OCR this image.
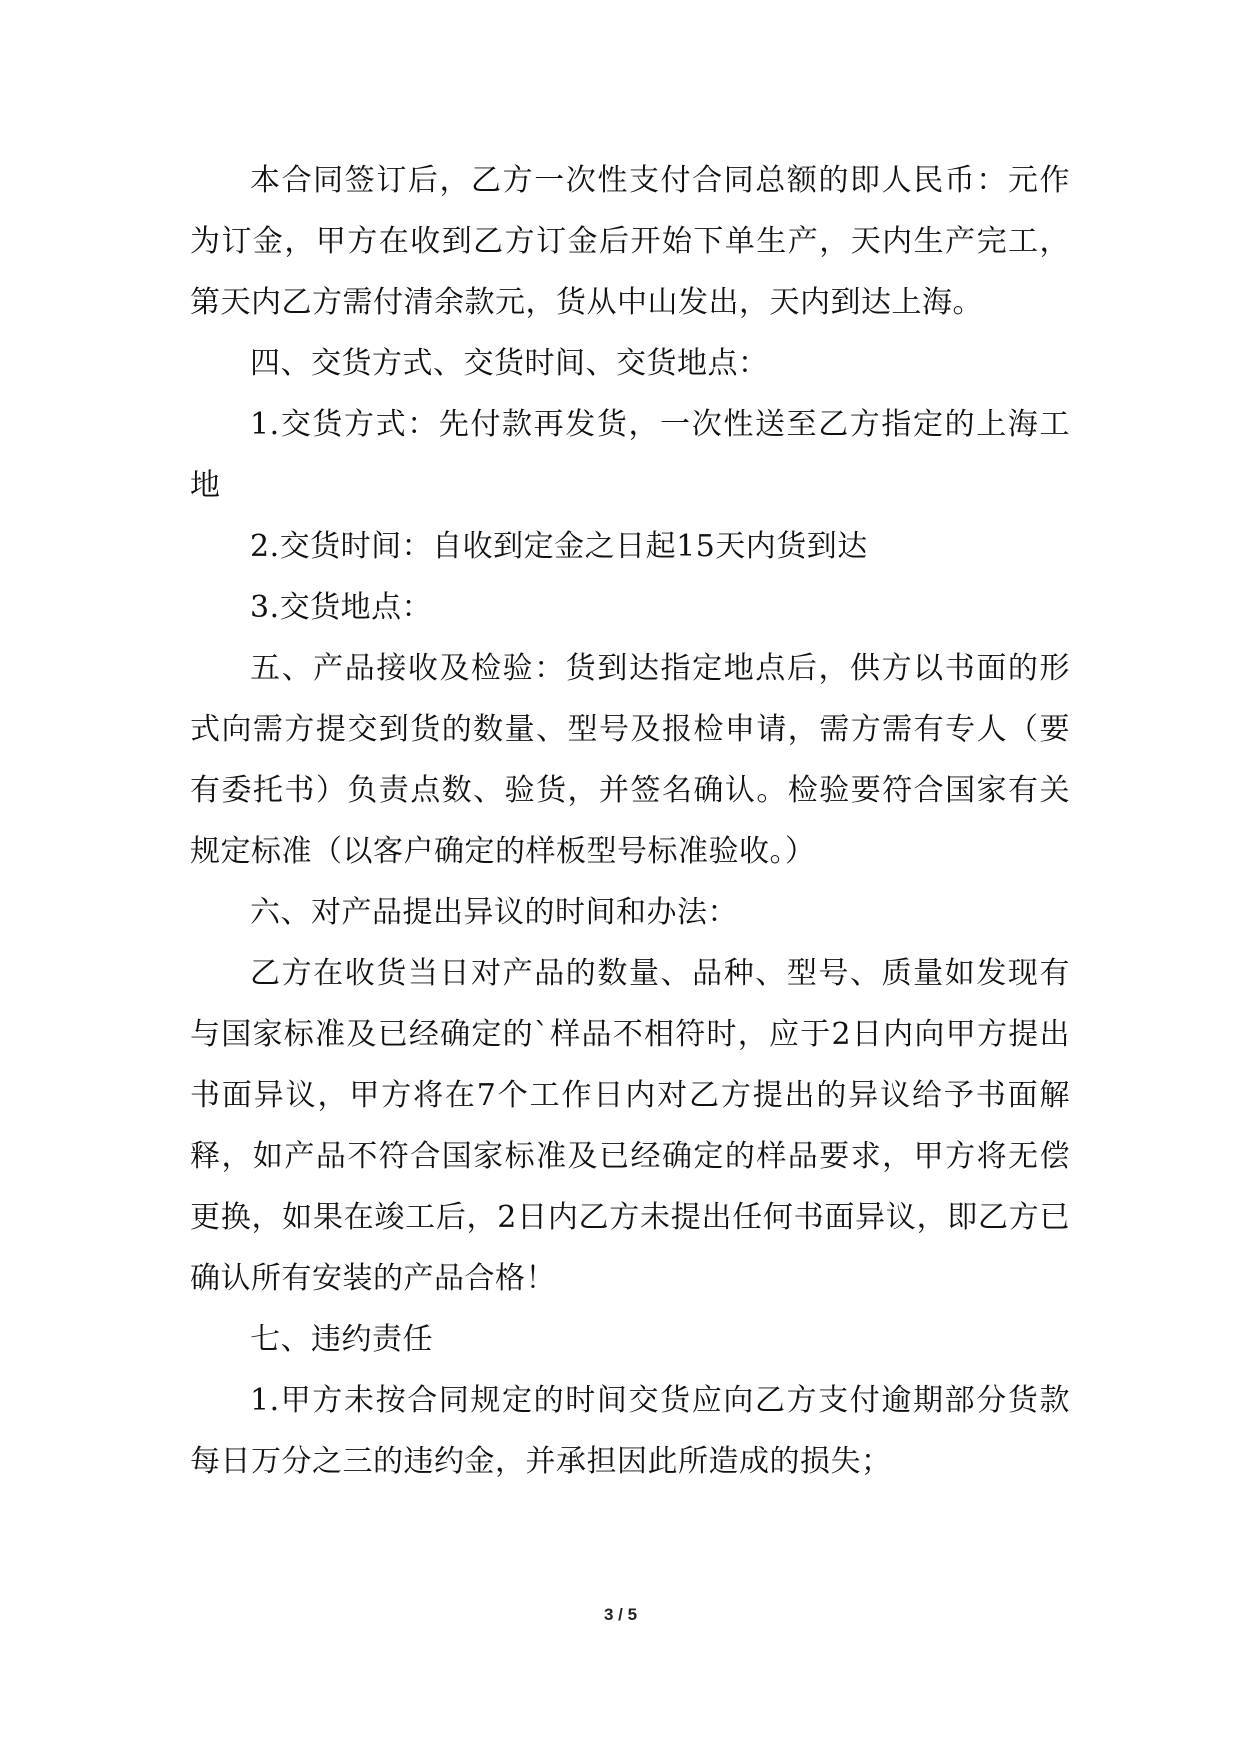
本合同签订后，乙方一次性支付合同总额的即人民币：元作为订金，甲方在收到乙方订金后开始下单生产，天内生产完工，第天内乙方需付清余款元，货从中山发出，天内到达上海。

四、交货方式、交货时间、交货地点：

1.交货方式：先付款再发货，一次性送至乙方指定的上海工地

2.交货时间：自收到定金之日起15天内货到达

3.交货地点：

五、产品接收及检验：货到达指定地点后，供方以书面的形式向需方提交到货的数量、型号及报检申请，需方需有专人（要有委托书）负责点数、验货，并签名确认。检验要符合国家有关规定标准（以客户确定的样板型号标准验收。）

六、对产品提出异议的时间和办法：

乙方在收货当日对产品的数量、品种、型号、质量如发现有与国家标准及已经确定的`样品不相符时，应于2日内向甲方提出书面异议，甲方将在7个工作日内对乙方提出的异议给予书面解释，如产品不符合国家标准及已经确定的样品要求，甲方将无偿更换，如果在竣工后，2日内乙方未提出任何书面异议，即乙方已确认所有安装的产品合格！

七、违约责任

1.甲方未按合同规定的时间交货应向乙方支付逾期部分货款每日万分之三的违约金，并承担因此所造成的损失；

3 / 5
